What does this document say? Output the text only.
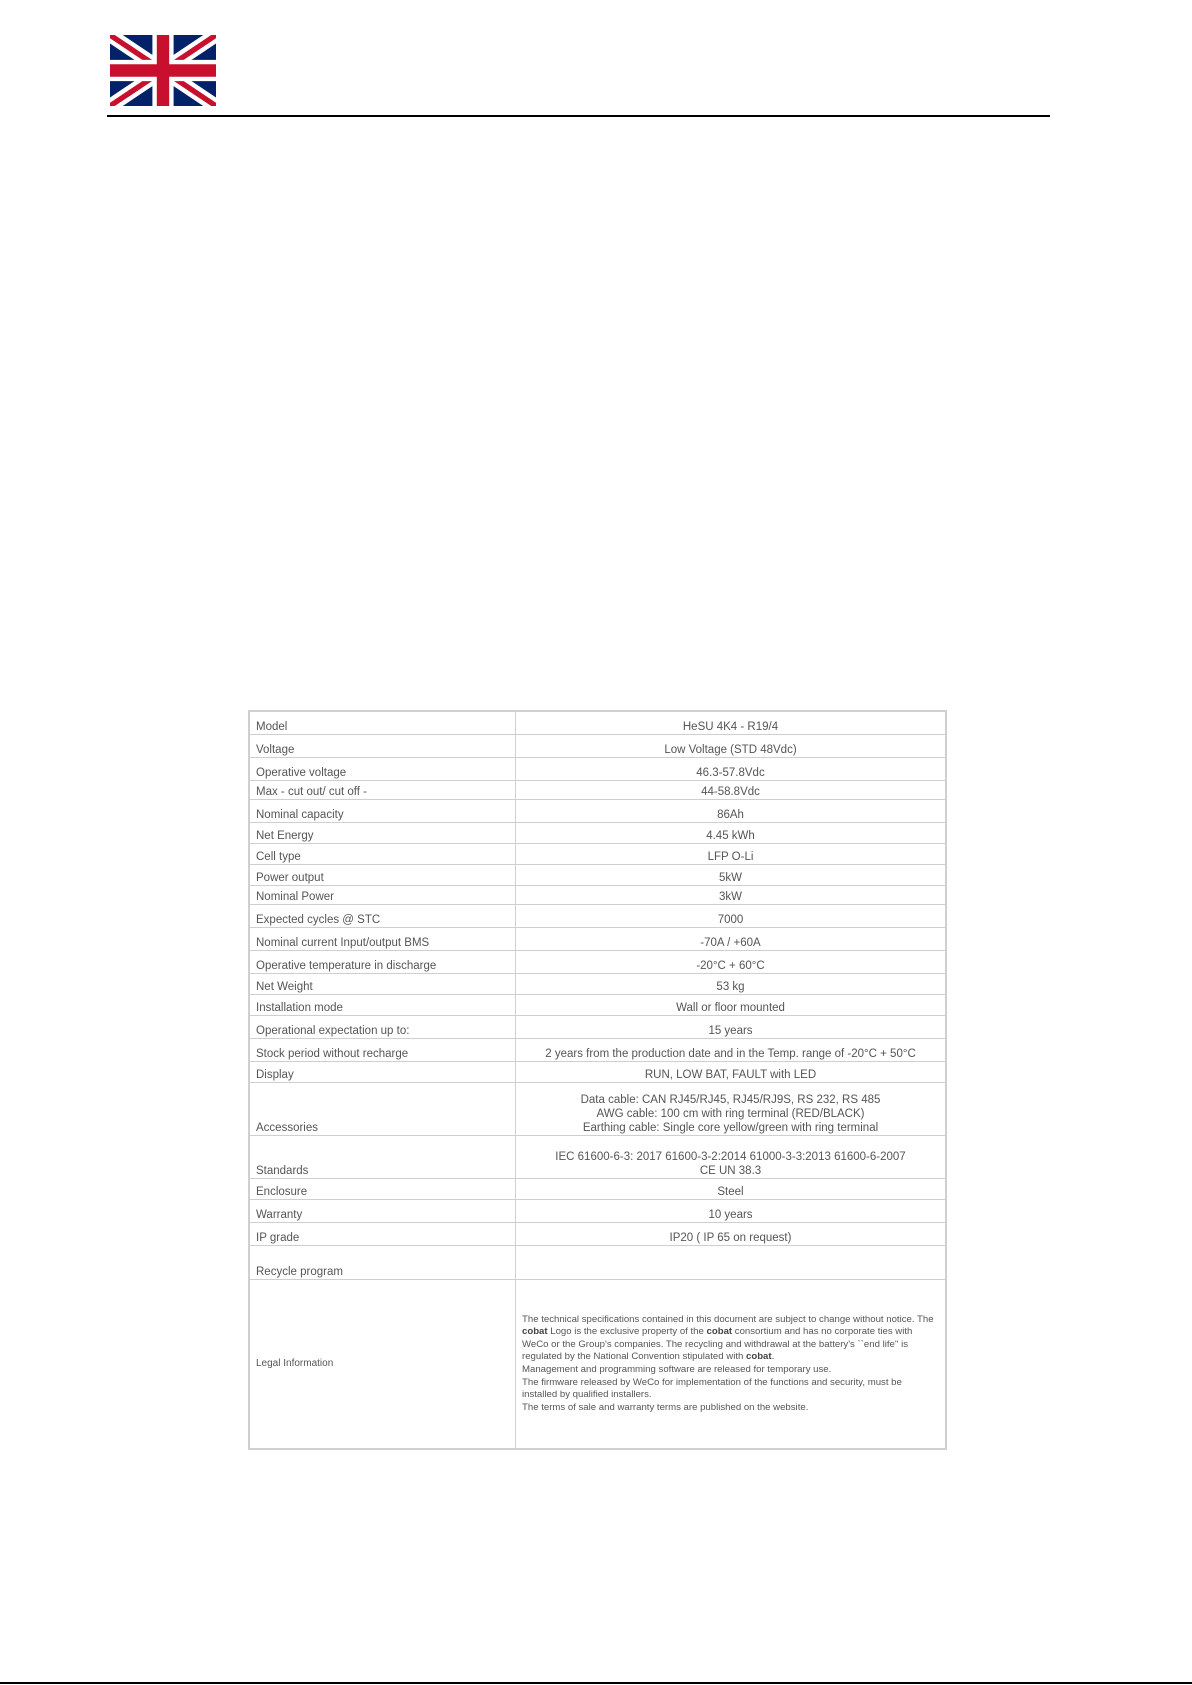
Model	HeSU 4K4 - R19/4
Voltage	Low Voltage (STD 48Vdc)
Operative voltage	46.3-57.8Vdc
Max - cut out/ cut off -	44-58.8Vdc
Nominal capacity	86Ah
Net Energy	4.45 kWh
Cell type	LFP O-Li
Power output	5kW
Nominal Power	3kW
Expected cycles @ STC	7000
Nominal current Input/output BMS	-70A / +60A
Operative temperature in discharge	-20°C + 60°C
Net Weight	53 kg
Installation mode	Wall or floor mounted
Operational expectation up to:	15 years
Stock period without recharge	2 years from the production date and in the Temp. range of -20°C + 50°C
Display	RUN, LOW BAT, FAULT with LED
Accessories	Data cable: CAN RJ45/RJ45, RJ45/RJ9S, RS 232, RS 485
AWG cable: 100 cm with ring terminal (RED/BLACK)
Earthing cable: Single core yellow/green with ring terminal

Standards	IEC 61600-6-3: 2017 61600-3-2:2014 61000-3-3:2013 61600-6-2007
CE UN 38.3

Enclosure	Steel
Warranty	10 years
IP grade	IP20 ( IP 65 on request)
Recycle program	
Legal Information	The technical specifications contained in this document are subject to change without notice. The cobat Logo is the exclusive property of the cobat consortium and has no corporate ties with WeCo or the Group's companies. The recycling and withdrawal at the battery's ``end life'' is regulated by the National Convention stipulated with cobat.
Management and programming software are released for temporary use.
The firmware released by WeCo for implementation of the functions and security, must be installed by qualified installers.
The terms of sale and warranty terms are published on the website.
